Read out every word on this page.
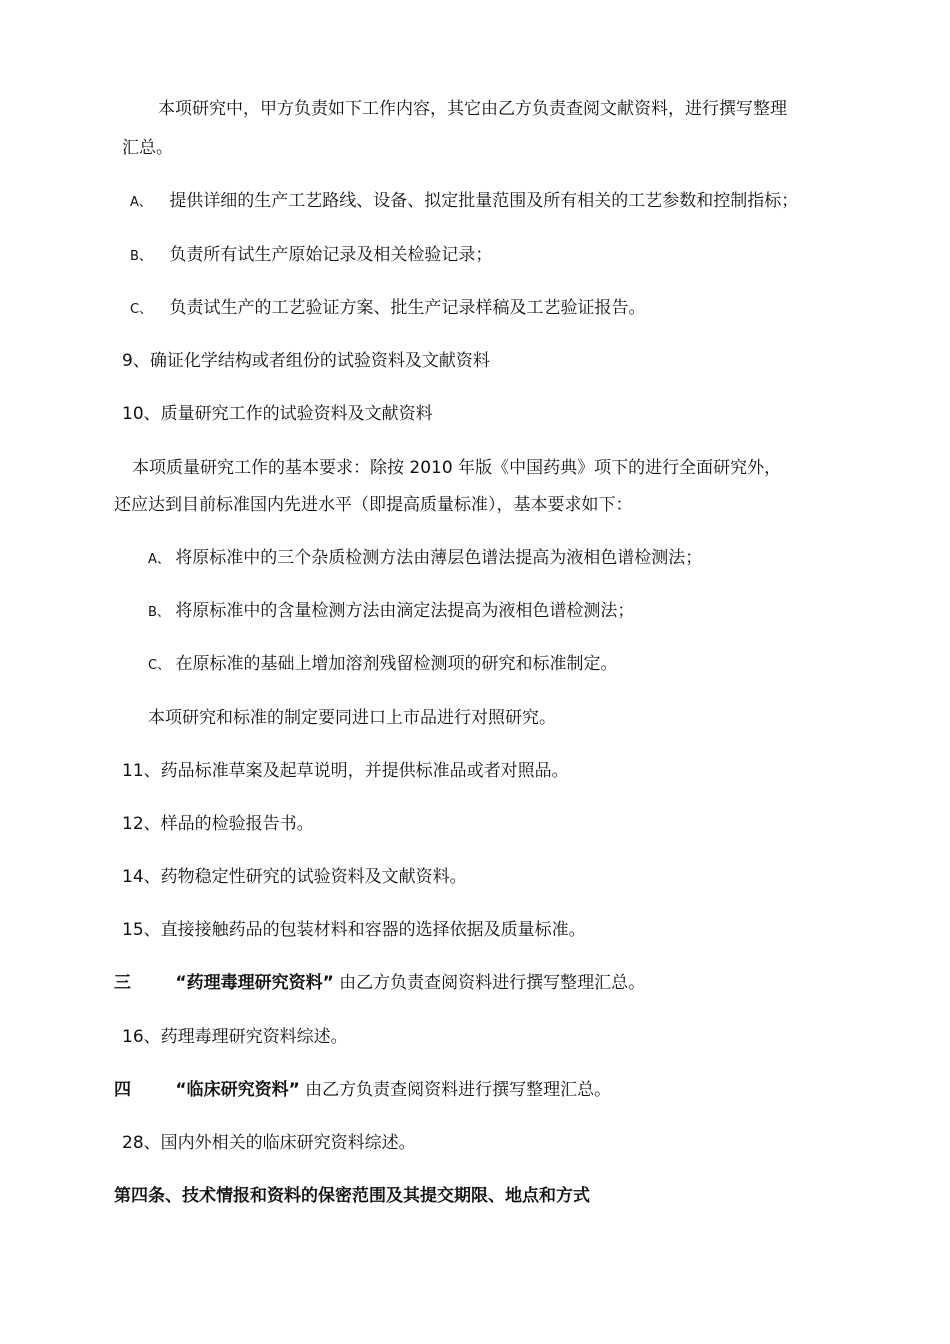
本项研究中，甲方负责如下工作内容，其它由乙方负责查阅文献资料，进行撰写整理
汇总。
A、 提供详细的生产工艺路线、设备、拟定批量范围及所有相关的工艺参数和控制指标；
B、 负责所有试生产原始记录及相关检验记录；
C、 负责试生产的工艺验证方案、批生产记录样稿及工艺验证报告。
9、确证化学结构或者组份的试验资料及文献资料
10、质量研究工作的试验资料及文献资料
本项质量研究工作的基本要求：除按 2010 年版《中国药典》项下的进行全面研究外，
还应达到目前标准国内先进水平（即提高质量标准），基本要求如下：
A、 将原标准中的三个杂质检测方法由薄层色谱法提高为液相色谱检测法；
B、 将原标准中的含量检测方法由滴定法提高为液相色谱检测法；
C、 在原标准的基础上增加溶剂残留检测项的研究和标准制定。
本项研究和标准的制定要同进口上市品进行对照研究。
11、药品标准草案及起草说明，并提供标准品或者对照品。
12、样品的检验报告书。
14、药物稳定性研究的试验资料及文献资料。
15、直接接触药品的包装材料和容器的选择依据及质量标准。
三	“药理毒理研究资料” 由乙方负责查阅资料进行撰写整理汇总。
16、药理毒理研究资料综述。
四	“临床研究资料” 由乙方负责查阅资料进行撰写整理汇总。
28、国内外相关的临床研究资料综述。
第四条、技术情报和资料的保密范围及其提交期限、地点和方式
